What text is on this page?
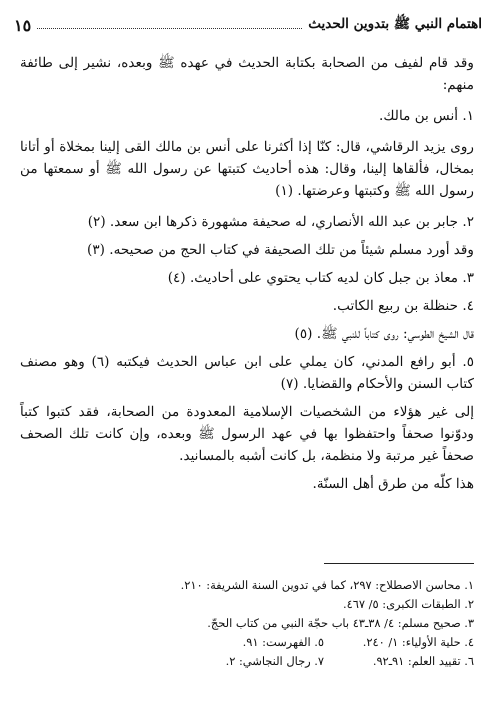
اهتمام النبي ﷺ بتدوين الحديث
١٥

وقد قام لفيف من الصحابة بكتابة الحديث في عهده ﷺ وبعده، نشير إلى طائفة منهم:

١. أنس بن مالك.

روى يزيد الرقاشي، قال: كنّا إذا أكثرنا على أنس بن مالك القى إلينا بمخلاة أو أتانا بمخال، فألقاها إلينا، وقال: هذه أحاديث كتبتها عن رسول الله ﷺ أو سمعتها من رسول الله ﷺ وكتبتها وعرضتها. (١)

٢. جابر بن عبد الله الأنصاري، له صحيفة مشهورة ذكرها ابن سعد. (٢)

وقد أورد مسلم شيئاً من تلك الصحيفة في كتاب الحج من صحيحه. (٣)

٣. معاذ بن جبل كان لديه كتاب يحتوي على أحاديث. (٤)

٤. حنظلة بن ربيع الكاتب.

قال الشيخ الطوسي: روى كتاباً للنبي ﷺ. (٥)

٥. أبو رافع المدني، كان يملي على ابن عباس الحديث فيكتبه (٦) وهو مصنف كتاب السنن والأحكام والقضايا. (٧)

إلى غير هؤلاء من الشخصيات الإسلامية المعدودة من الصحابة، فقد كتبوا كتباً ودوّنوا صحفاً واحتفظوا بها في عهد الرسول ﷺ وبعده، وإن كانت تلك الصحف صحفاً غير مرتبة ولا منظمة، بل كانت أشبه بالمسانيد.

هذا كلّه من طرق أهل السنّة.

١. محاسن الاصطلاح: ٢٩٧، كما في تدوين السنة الشريفة: ٢١٠.
٢. الطبقات الكبرى: ٥/ ٤٦٧.
٣. صحيح مسلم: ٤/ ٣٨ـ٤٣ باب حجّة النبي من كتاب الحجّ.
٤. حلية الأولياء: ١/ ٢٤٠.
٥. الفهرست: ٩١.
٦. تقييد العلم: ٩١ـ٩٢.
٧. رجال النجاشي: ٢.
